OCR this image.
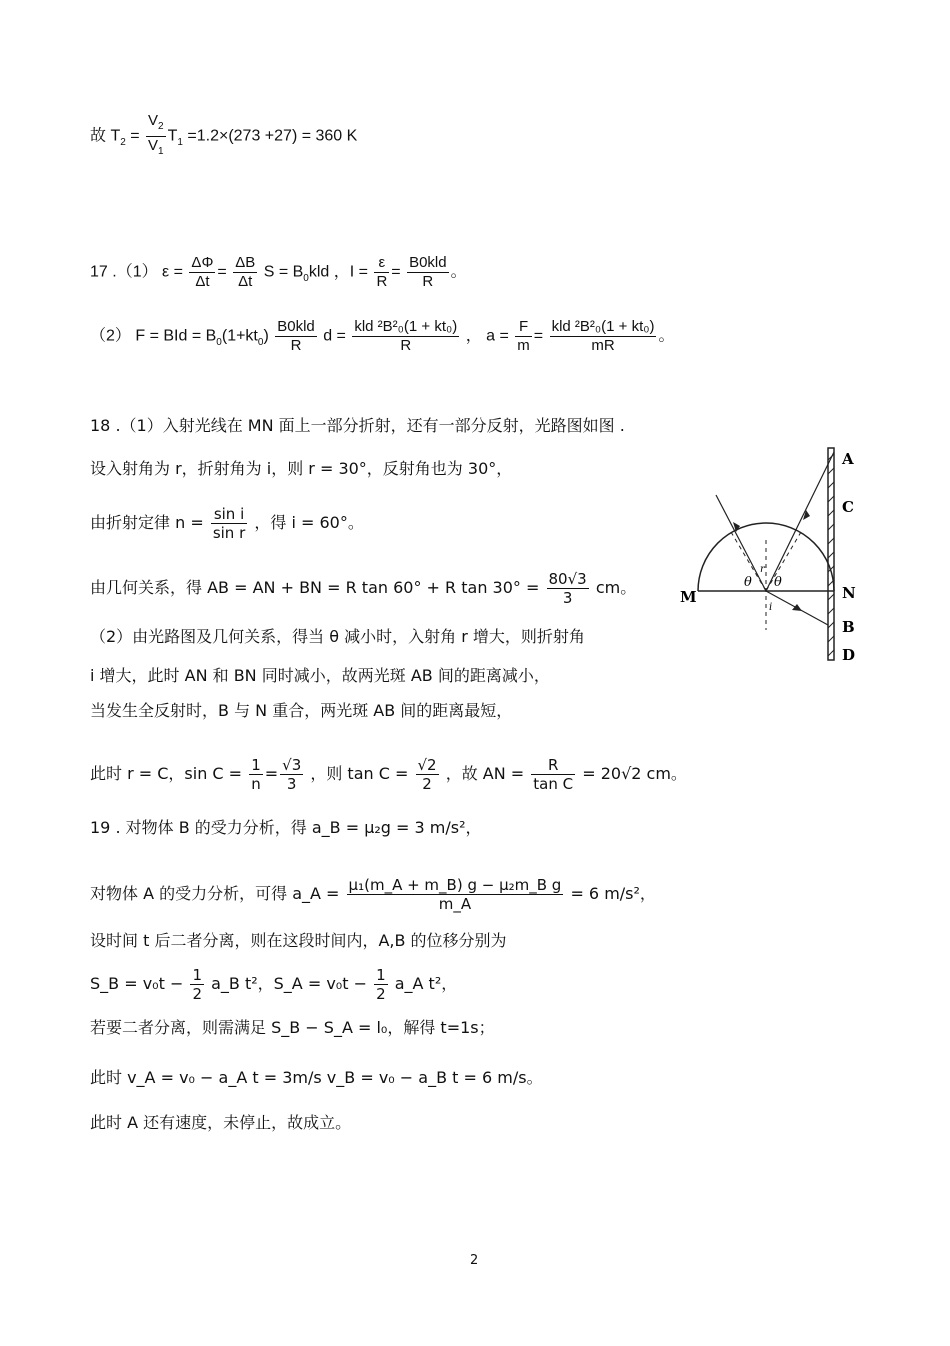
故 $T_2 = \frac{V_2}{V_1} T_1 =1.2\times(273 +27) = 360$ K
17 .（1） $\varepsilon = \frac{\Delta\Phi}{\Delta t} = \frac{\Delta B}{\Delta t}$ $S = B_0kld$ ，$I = \frac{\varepsilon}{R} = \frac{\text{B0kld}}{R}$ 。
（2） F = BId = $B_0(1+kt_0) \frac{\text{B0kld}}{R}$ $d = \frac{\text{kld ²B²₀(1 + kt₀)}}{R}$ ， $a = \frac{F}{m} = \frac{\text{kld ²B²₀(1 + kt₀)}}{mR}$ 。
18 .（1）入射光线在 MN 面上一部分折射，还有一部分反射，光路图如图 .
设入射角为 r，折射角为 i，则 r = 30°，反射角也为 30°，
由折射定律 $n = \frac{\text{sin i}}{\text{sin r}}$ ，得 i = 60°。
由几何关系，得 AB = AN + BN = R tan 60° + R $\tan 30^\circ = \frac{80√3}{3}$ cm。
（2）由光路图及几何关系，得当 θ 减小时，入射角 r 增大，则折射角
i 增大，此时 AN 和 BN 同时减小，故两光斑 AB 间的距离减小，
当发生全反射时，B 与 N 重合，两光斑 AB 间的距离最短，
此时 r = C，$\sin C = \frac{1}{n} = \frac{√3}{3}$ ，则 $\tan C = \frac{√2}{2}$ ，故 AN = $\frac{R}{\text{tan C}} = 20√2$ cm。
A
C
N
B
D
M
θ θ
r
i
19 . 对物体 B 的受力分析，得 a_B = μ₂g = 3 m/s²，
对物体 A 的受力分析，可得 a_A = $\frac{\text{μ₁(m\_A + m\_B) g − μ₂m\_B g}}{m\_A} = 6$ m/s²，
设时间 t 后二者分离，则在这段时间内，A,B 的位移分别为
S_B = $v_0t - \frac{1}{2}$ a_B t²，S_A = $v_0t - \frac{1}{2}$ a_A t²，
若要二者分离，则需满足 S_B − S_A = l₀，解得 t=1s；
此时 v_A = v₀ − a_A t = 3m/s v_B = v₀ − a_B t = 6 m/s。
此时 A 还有速度，未停止，故成立。
2
